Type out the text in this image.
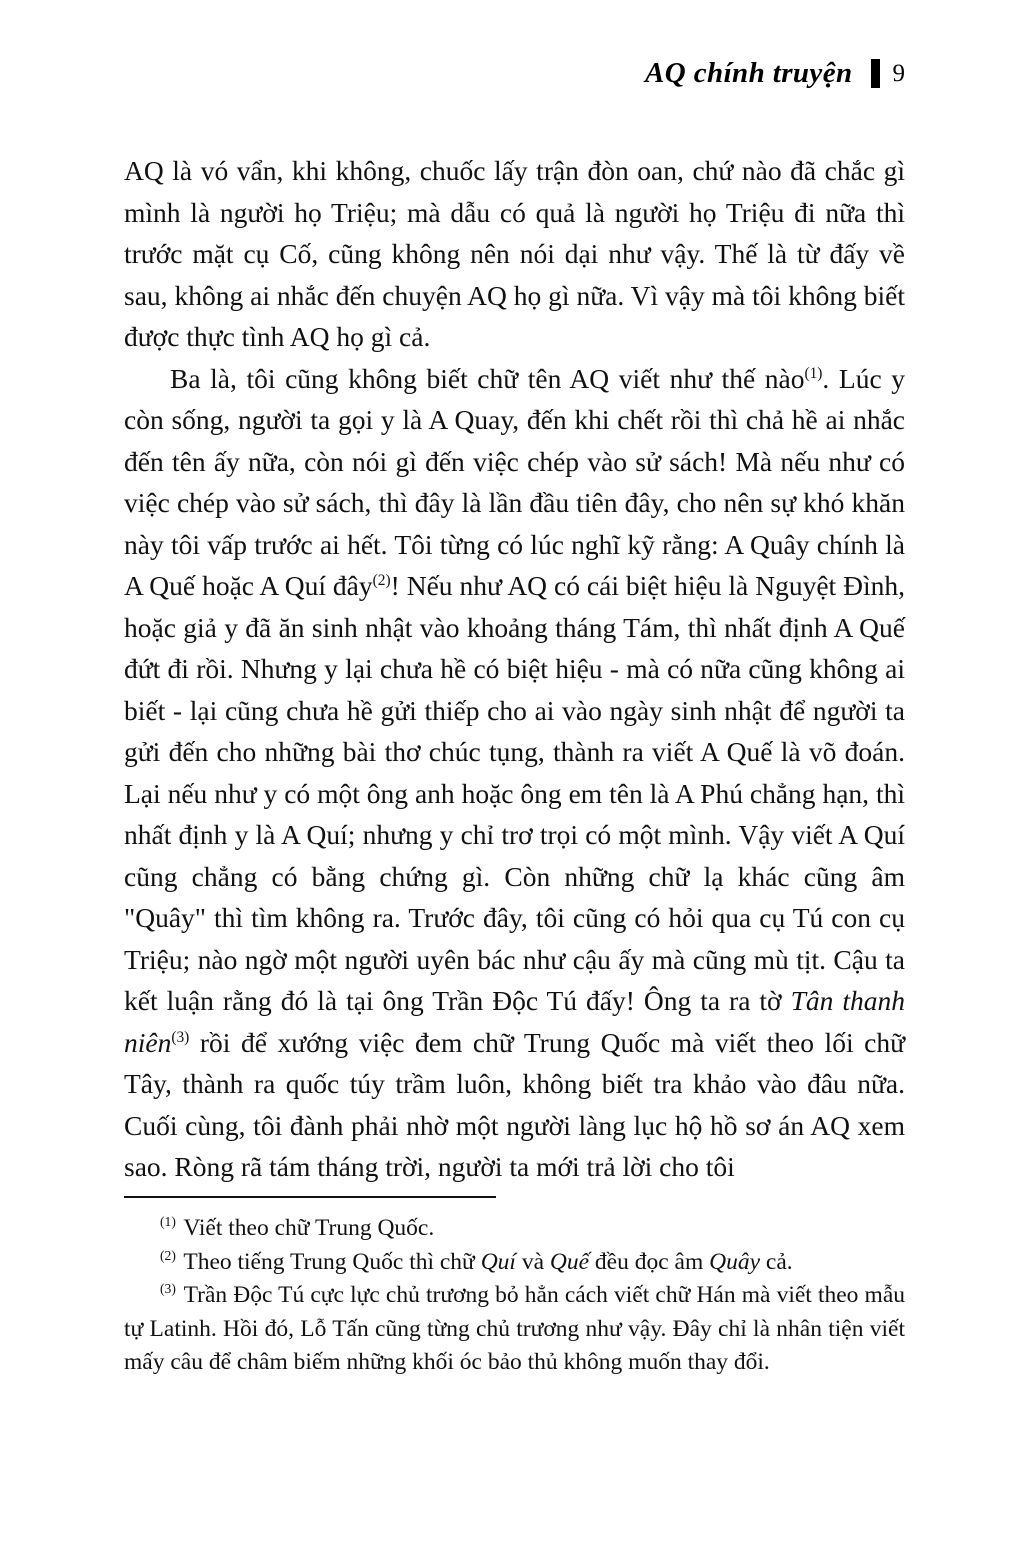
AQ chính truyện 9

AQ là vó vẩn, khi không, chuốc lấy trận đòn oan, chứ nào đã chắc gì mình là người họ Triệu; mà dẫu có quả là người họ Triệu đi nữa thì trước mặt cụ Cố, cũng không nên nói dại như vậy. Thế là từ đấy về sau, không ai nhắc đến chuyện AQ họ gì nữa. Vì vậy mà tôi không biết được thực tình AQ họ gì cả.

Ba là, tôi cũng không biết chữ tên AQ viết như thế nào$^{(1)}$. Lúc y còn sống, người ta gọi y là A Quay, đến khi chết rồi thì chả hề ai nhắc đến tên ấy nữa, còn nói gì đến việc chép vào sử sách! Mà nếu như có việc chép vào sử sách, thì đây là lần đầu tiên đây, cho nên sự khó khăn này tôi vấp trước ai hết. Tôi từng có lúc nghĩ kỹ rằng: A Quây chính là A Quế hoặc A Quí đây$^{(2)}$! Nếu như AQ có cái biệt hiệu là Nguyệt Đình, hoặc giả y đã ăn sinh nhật vào khoảng tháng Tám, thì nhất định A Quế đứt đi rồi. Nhưng y lại chưa hề có biệt hiệu - mà có nữa cũng không ai biết - lại cũng chưa hề gửi thiếp cho ai vào ngày sinh nhật để người ta gửi đến cho những bài thơ chúc tụng, thành ra viết A Quế là võ đoán. Lại nếu như y có một ông anh hoặc ông em tên là A Phú chẳng hạn, thì nhất định y là A Quí; nhưng y chỉ trơ trọi có một mình. Vậy viết A Quí cũng chẳng có bằng chứng gì. Còn những chữ lạ khác cũng âm "Quây" thì tìm không ra. Trước đây, tôi cũng có hỏi qua cụ Tú con cụ Triệu; nào ngờ một người uyên bác như cậu ấy mà cũng mù tịt. Cậu ta kết luận rằng đó là tại ông Trần Độc Tú đấy! Ông ta ra tờ Tân thanh niên$^{(3)}$ rồi để xướng việc đem chữ Trung Quốc mà viết theo lối chữ Tây, thành ra quốc túy trầm luôn, không biết tra khảo vào đâu nữa. Cuối cùng, tôi đành phải nhờ một người làng lục hộ hồ sơ án AQ xem sao. Ròng rã tám tháng trời, người ta mới trả lời cho tôi

$^{(1)}$ Viết theo chữ Trung Quốc.

$^{(2)}$ Theo tiếng Trung Quốc thì chữ Quí và Quế đều đọc âm Quây cả.

$^{(3)}$ Trần Độc Tú cực lực chủ trương bỏ hẳn cách viết chữ Hán mà viết theo mẫu tự Latinh. Hồi đó, Lỗ Tấn cũng từng chủ trương như vậy. Đây chỉ là nhân tiện viết mấy câu để châm biếm những khối óc bảo thủ không muốn thay đổi.
